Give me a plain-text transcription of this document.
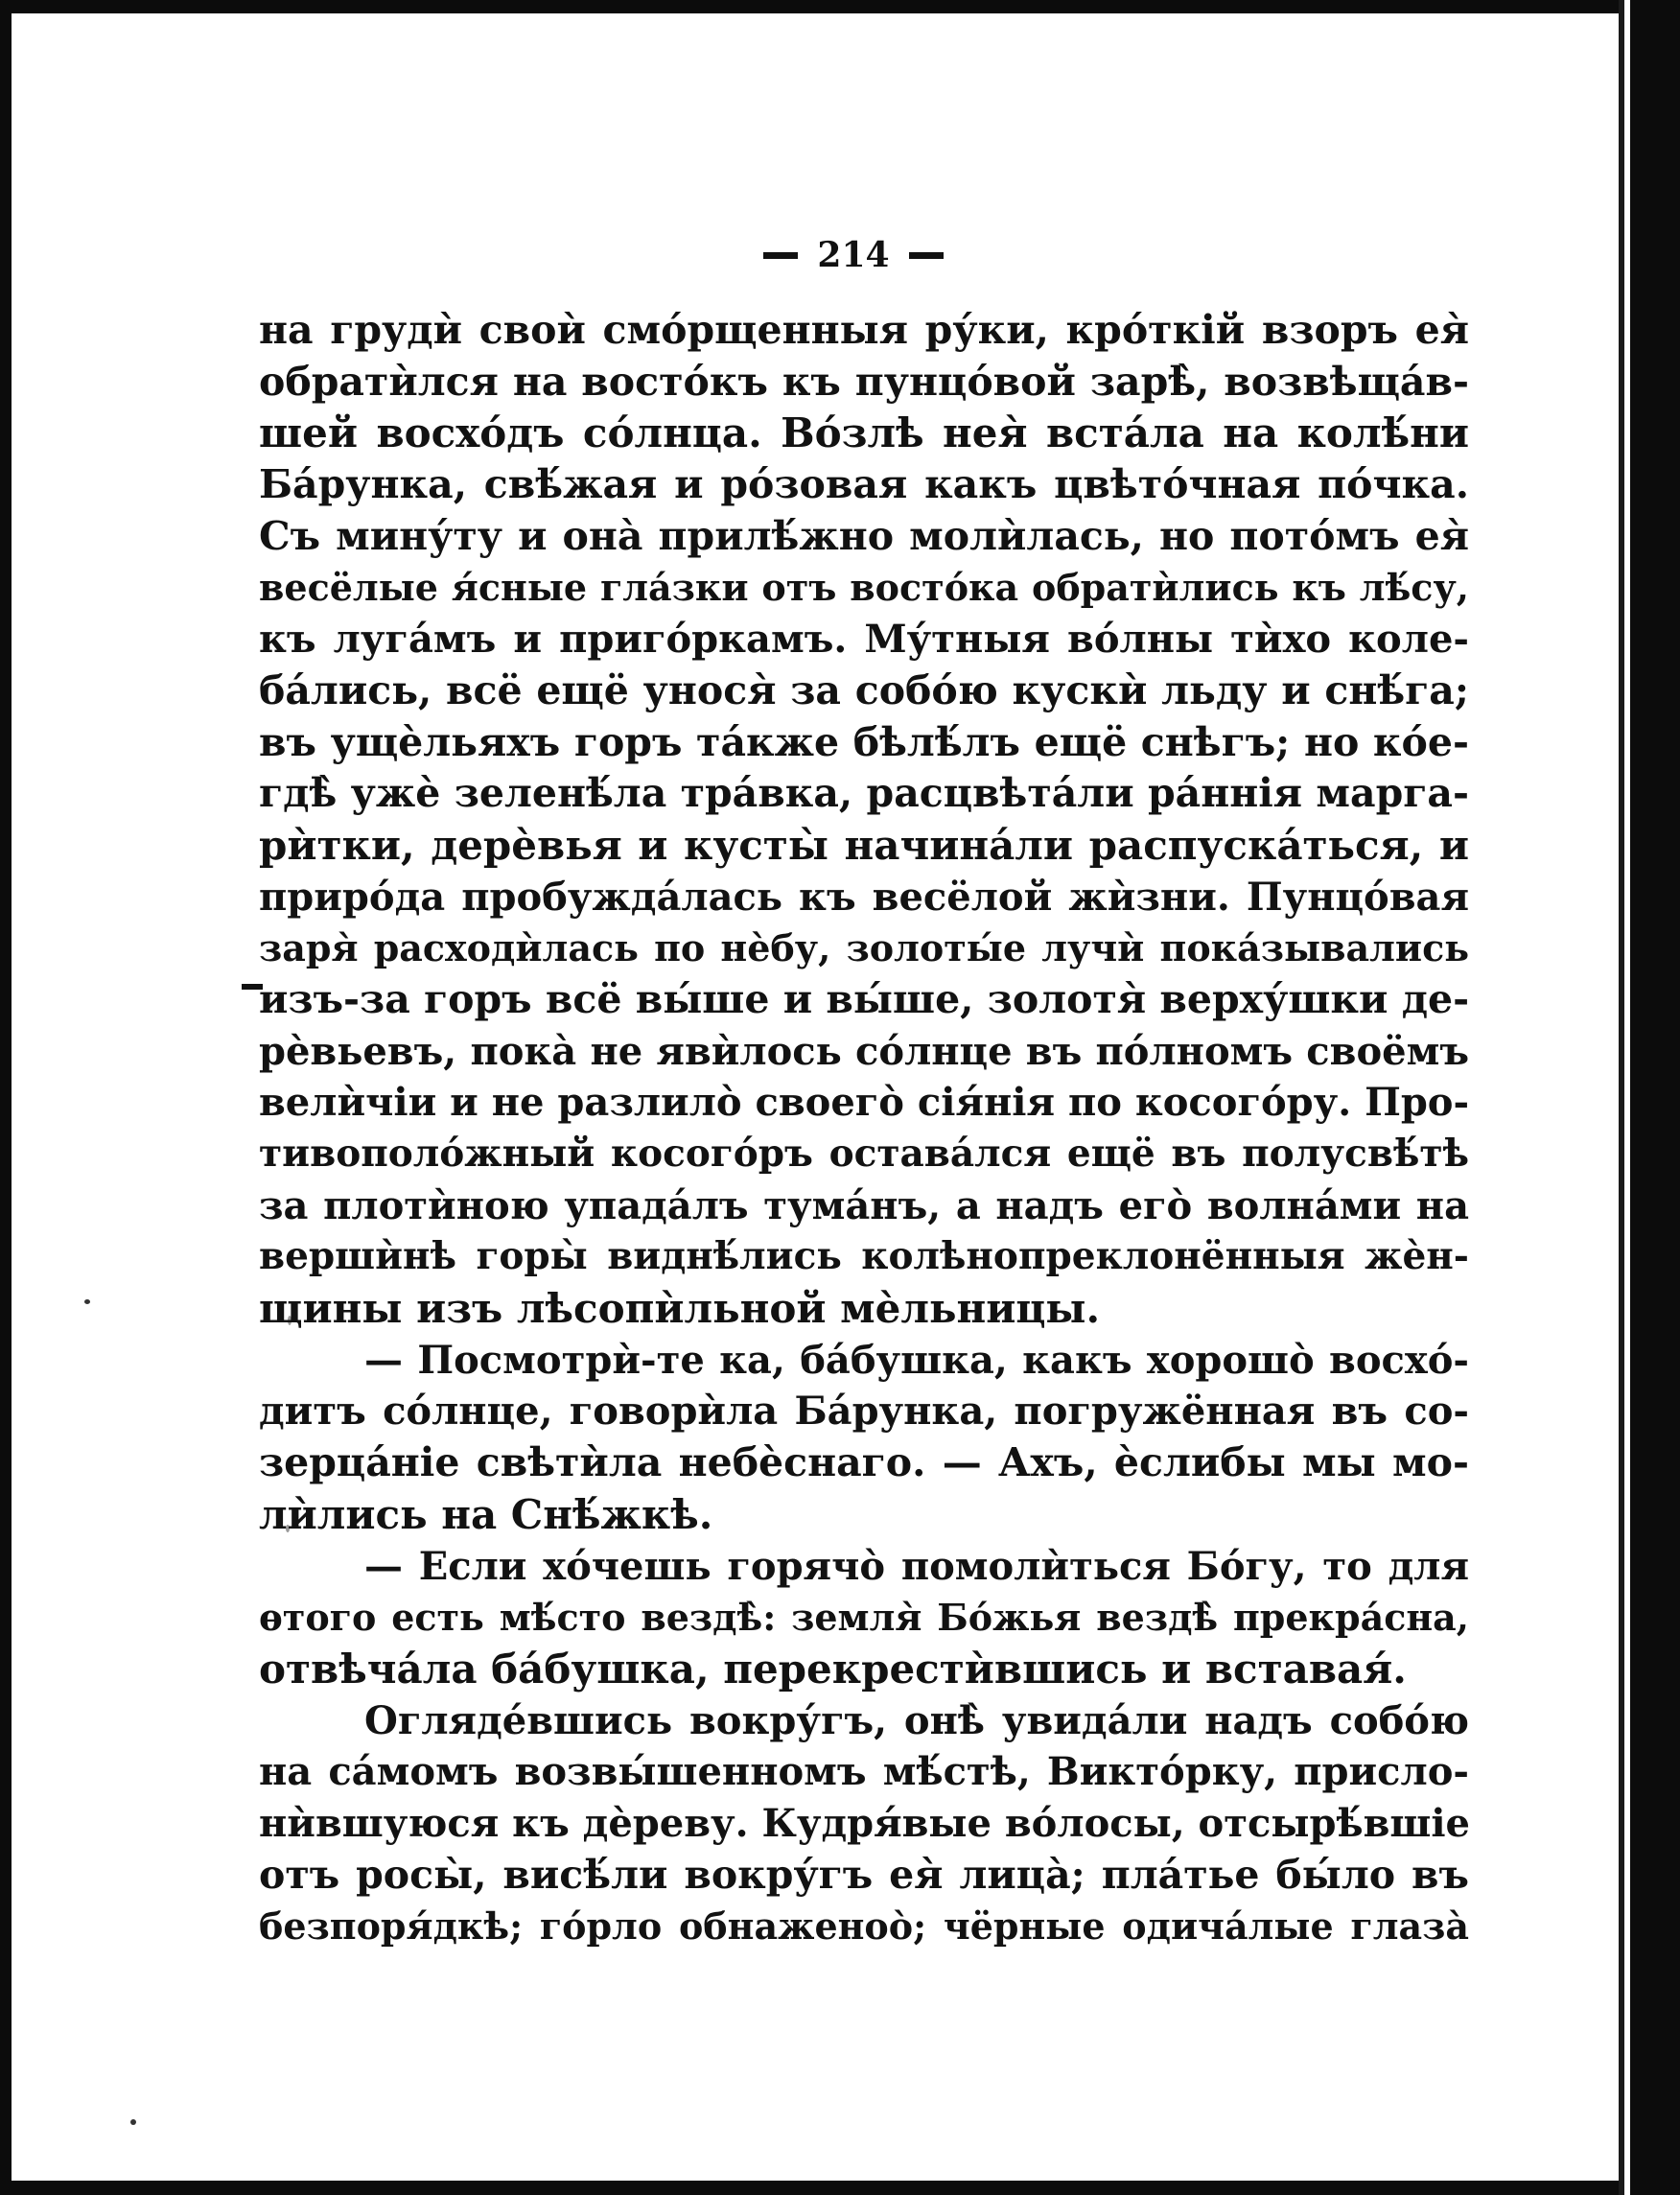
214
на грудѝ своѝ смо́рщенныя ру́ки, кро́ткій взоръ ея̀
обратѝлся на восто́къ къ пунцо́вой зарѣ̀, возвѣща́в-
шей восхо́дъ со́лнца. Во́злѣ нея̀ вста́ла на колѣ́ни
Ба́рунка, свѣ́жая и ро́зовая какъ цвѣто́чная по́чка.
Съ мину́ту и она̀ прилѣ́жно молѝлась, но пото́мъ ея̀
весёлые я́сные гла́зки отъ восто́ка обратѝлись къ лѣ́су,
къ луга́мъ и приго́ркамъ. Му́тныя во́лны тѝхо коле-
ба́лись, всё ещё унося̀ за собо́ю кускѝ льду и снѣ́га;
въ ущѐльяхъ горъ та́кже бѣлѣ́лъ ещё снѣгъ; но ко́е-
гдѣ̀ ужѐ зеленѣ́ла тра́вка, расцвѣта́ли ра́ннія марга-
рѝтки, дерѐвья и кусты̀ начина́ли распуска́ться, и
приро́да пробужда́лась къ весёлой жѝзни. Пунцо́вая
заря̀ расходѝлась по нѐбу, золоты́е лучѝ пока́зывались
изъ-за горъ всё вы́ше и вы́ше, золотя̀ верху́шки де-
рѐвьевъ, пока̀ не явѝлось со́лнце въ по́лномъ своёмъ
велѝчіи и не разлило̀ своего̀ сія́нія по косого́ру. Про-
тивополо́жный косого́ръ остава́лся ещё въ полусвѣ́тѣ
за плотѝною упада́лъ тума́нъ, а надъ его̀ волна́ми на
вершѝнѣ горы̀ виднѣ́лись колѣнопреклонённыя жѐн-
щины изъ лѣсопѝльной мѐльницы.
— Посмотрѝ-те ка, ба́бушка, какъ хорошо̀ восхо́-
дитъ со́лнце, говорѝла Ба́рунка, погружённая въ со-
зерца́ніе свѣтѝла небѐснаго. — Ахъ, ѐслибы мы мо-
лѝлись на Снѣ́жкѣ.
— Если хо́чешь горячо̀ помолѝться Бо́гу, то для
ѳтого есть мѣ́сто вездѣ̀: земля̀ Бо́жья вездѣ̀ прекра́сна,
отвѣча́ла ба́бушка, перекрестѝвшись и вставая́.
Огляде́вшись вокру́гъ, онѣ̀ увида́ли надъ собо́ю
на са́момъ возвы́шенномъ мѣ́стѣ, Викто́рку, присло-
нѝвшуюся къ дѐреву. Кудря́вые во́лосы, отсырѣ́вшіе
отъ росы̀, висѣ́ли вокру́гъ ея̀ лица̀; пла́тье бы́ло въ
безпоря́дкѣ; го́рло обнаженоо̀; чёрные одича́лые глаза̀
